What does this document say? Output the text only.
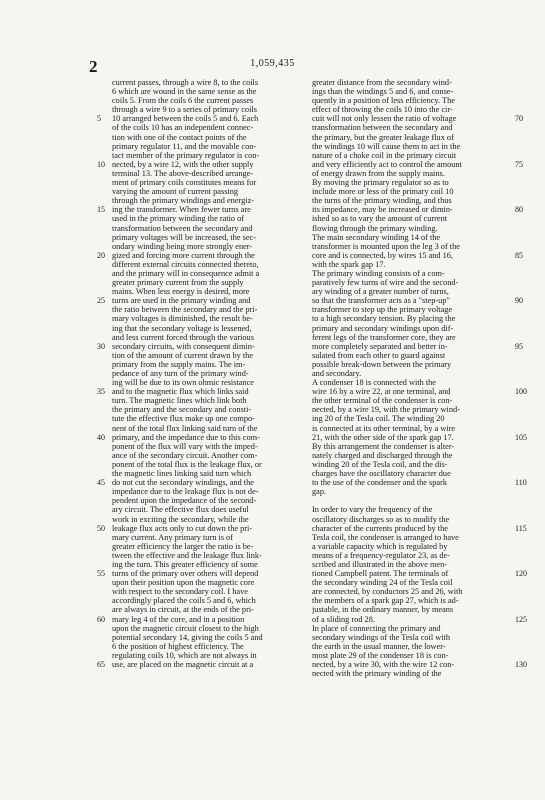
2	1,059,435
current passes, through a wire 8, to the coils
6 which are wound in the same sense as the
coils 5. From the coils 6 the current passes
through a wire 9 to a series of primary coils
10 arranged between the coils 5 and 6. Each
of the coils 10 has an independent connec-
tion with one of the contact points of the
primary regulator 11, and the movable con-
tact member of the primary regulator is con-
nected, by a wire 12, with the other supply
terminal 13. The above-described arrange-
ment of primary coils constitutes means for
varying the amount of current passing
through the primary windings and energiz-
ing the transformer. When fewer turns are
used in the primary winding the ratio of
transformation between the secondary and
primary voltages will be increased, the sec-
ondary winding being more strongly ener-
gized and forcing more current through the
different external circuits connected thereto,
and the primary will in consequence admit a
greater primary current from the supply
mains. When less energy is desired, more
turns are used in the primary winding and
the ratio between the secondary and the pri-
mary voltages is diminished, the result be-
ing that the secondary voltage is lessened,
and less current forced through the various
secondary circuits, with consequent dimin-
tion of the amount of current drawn by the
primary from the supply mains. The im-
pedance of any turn of the primary wind-
ing will be due to its own ohmic resistance
and to the magnetic flux which links said
turn. The magnetic lines which link both
the primary and the secondary and consti-
tute the effective flux make up one compo-
nent of the total flux linking said turn of the
primary, and the impedance due to this com-
ponent of the flux will vary with the imped-
ance of the secondary circuit. Another com-
ponent of the total flux is the leakage flux, or
the magnetic lines linking said turn which
do not cut the secondary windings, and the
impedance due to the leakage flux is not de-
pendent upon the impedance of the second-
ary circuit. The effective flux does useful
work in exciting the secondary, while the
leakage flux acts only to cut down the pri-
mary current. Any primary turn is of
greater efficiency the larger the ratio is be-
tween the effective and the leakage flux link-
ing the turn. This greater efficiency of some
turns of the primary over others will depend
upon their position upon the magnetic core
with respect to the secondary coil. I have
accordingly placed the coils 5 and 6, which
are always in circuit, at the ends of the pri-
mary leg 4 of the core, and in a position
upon the magnetic circuit closest to the high
potential secondary 14, giving the coils 5 and
6 the position of highest efficiency. The
regulating coils 10, which are not always in
use, are placed on the magnetic circuit at a
greater distance from the secondary wind-
ings than the windings 5 and 6, and conse-
quently in a position of less efficiency. The
effect of throwing the coils 10 into the cir-
cuit will not only lessen the ratio of voltage
transformation between the secondary and
the primary, but the greater leakage flux of
the windings 10 will cause them to act in the
nature of a choke coil in the primary circuit
and very efficiently act to control the amount
of energy drawn from the supply mains.
By moving the primary regulator so as to
include more or less of the primary coil 10
the turns of the primary winding, and thus
its impedance, may be increased or dimin-
ished so as to vary the amount of current
flowing through the primary winding.
The main secondary winding 14 of the
transformer is mounted upon the leg 3 of the
core and is connected, by wires 15 and 16,
with the spark gap 17.
The primary winding consists of a com-
paratively few turns of wire and the second-
ary winding of a greater number of turns,
so that the transformer acts as a "step-up"
transformer to step up the primary voltage
to a high secondary tension. By placing the
primary and secondary windings upon dif-
ferent legs of the transformer core, they are
more completely separated and better in-
sulated from each other to guard against
possible break-down between the primary
and secondary.
A condenser 18 is connected with the
wire 16 by a wire 22, at one terminal, and
the other terminal of the condenser is con-
nected, by a wire 19, with the primary wind-
ing 20 of the Tesla coil. The winding 20
is connected at its other terminal, by a wire
21, with the other side of the spark gap 17.
By this arrangement the condenser is alter-
nately charged and discharged through the
winding 20 of the Tesla coil, and the dis-
charges have the oscillatory character due
to the use of the condenser and the spark
gap.
In order to vary the frequency of the
oscillatory discharges so as to modify the
character of the currents produced by the
Tesla coil, the condenser is arranged to have
a variable capacity which is regulated by
means of a frequency-regulator 23, as de-
scribed and illustrated in the above men-
tioned Campbell patent. The terminals of
the secondary winding 24 of the Tesla coil
are connected, by conductors 25 and 26, with
the members of a spark gap 27, which is ad-
justable, in the ordinary manner, by means
of a sliding rod 28.
In place of connecting the primary and
secondary windings of the Tesla coil with
the earth in the usual manner, the lower-
most plate 29 of the condenser 18 is con-
nected, by a wire 30, with the wire 12 con-
nected with the primary winding of the
5
10
15
20
25
30
35
40
45
50
55
60
65
70
75
80
85
90
95
100
105
110
115
120
125
130
